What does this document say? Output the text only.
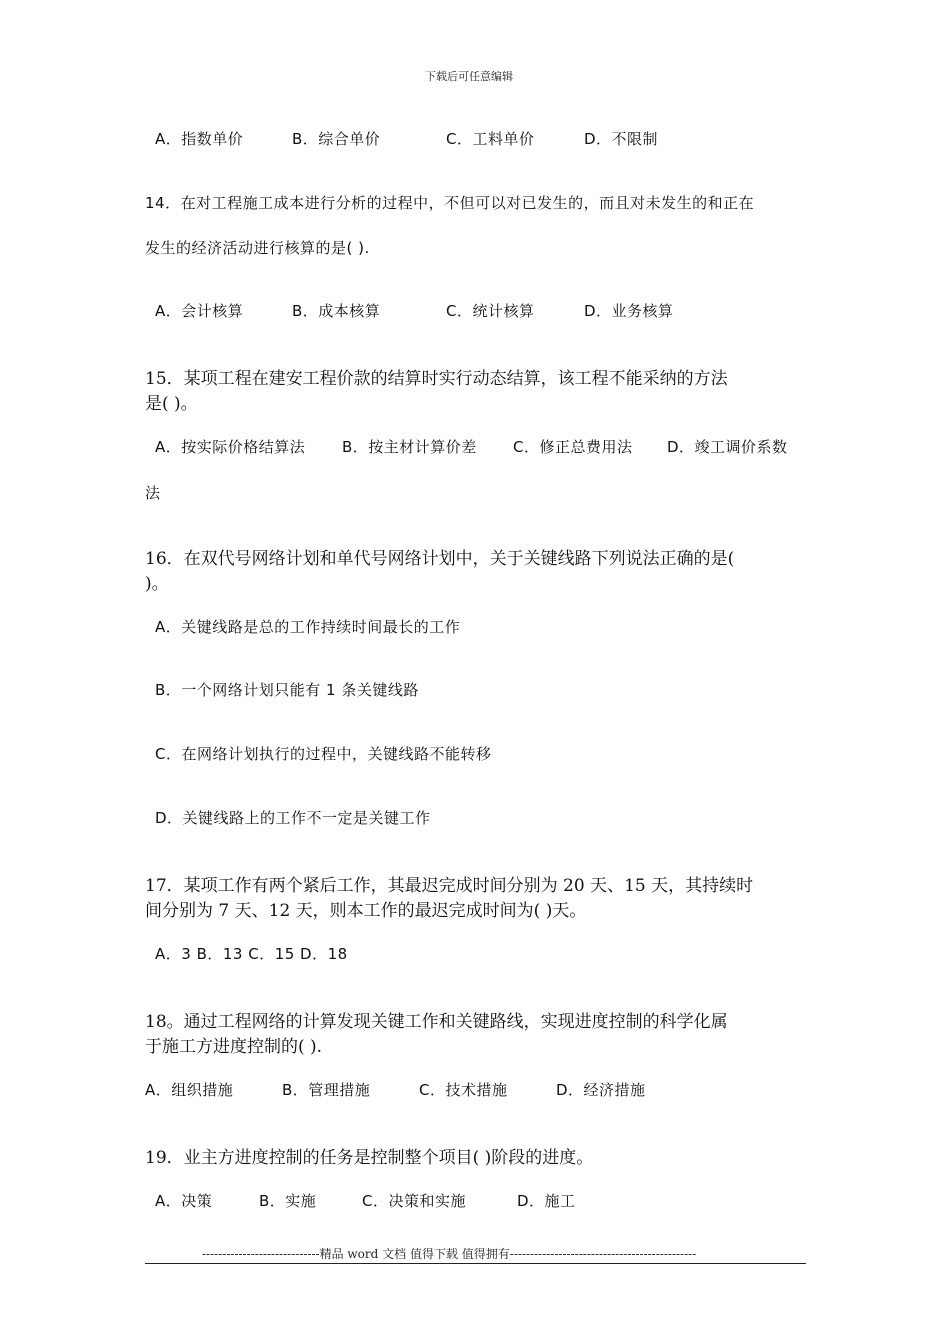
下载后可任意编辑
A．指数单价	B．综合单价	C．工料单价	D．不限制
14．在对工程施工成本进行分析的过程中，不但可以对已发生的，而且对未发生的和正在
发生的经济活动进行核算的是( ).
A．会计核算	B．成本核算	C．统计核算	D．业务核算
15．某项工程在建安工程价款的结算时实行动态结算，该工程不能采纳的方法
是( )。
A．按实际价格结算法 B．按主材计算价差 C．修正总费用法 D．竣工调价系数
法
16．在双代号网络计划和单代号网络计划中，关于关键线路下列说法正确的是(
)。
A．关键线路是总的工作持续时间最长的工作
B．一个网络计划只能有 1 条关键线路
C．在网络计划执行的过程中，关键线路不能转移
D．关键线路上的工作不一定是关键工作
17．某项工作有两个紧后工作，其最迟完成时间分别为 20 天、15 天，其持续时
间分别为 7 天、12 天，则本工作的最迟完成时间为( )天。
A．3 B．13 C．15 D．18
18。通过工程网络的计算发现关键工作和关键路线，实现进度控制的科学化属
于施工方进度控制的( ).
A．组织措施	B．管理措施	C．技术措施	D．经济措施
19．业主方进度控制的任务是控制整个项目( )阶段的进度。
A．决策	B．实施	C．决策和实施	D．施工
-----------------------------精品 word 文档 值得下载 值得拥有----------------------------------------------
